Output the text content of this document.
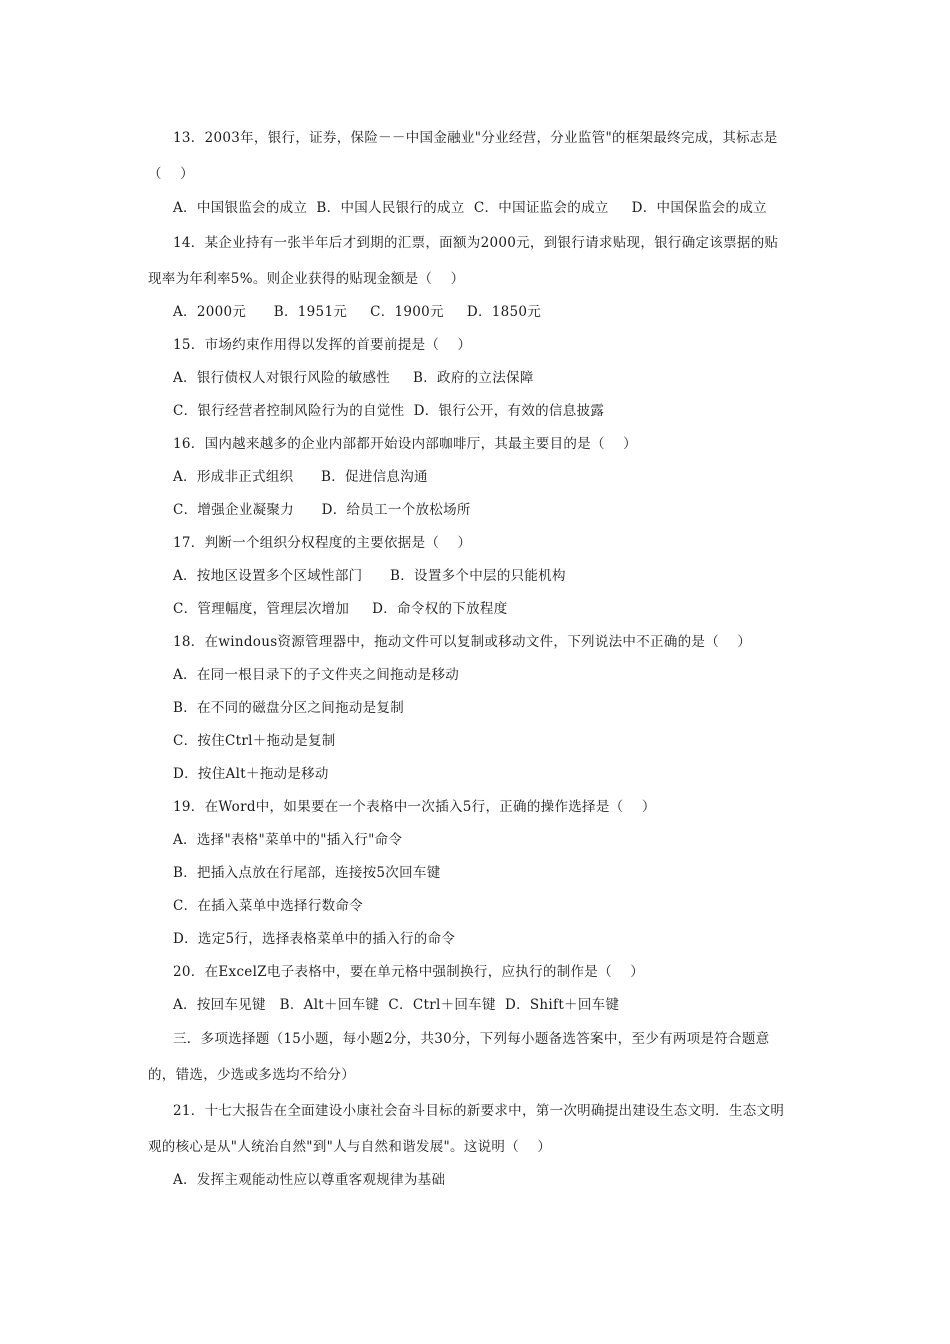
13．2003年，银行，证券，保险－－中国金融业"分业经营，分业监管"的框架最终完成，其标志是
（    ）
A．中国银监会的成立  B．中国人民银行的成立  C．中国证监会的成立     D．中国保监会的成立
14．某企业持有一张半年后才到期的汇票，面额为2000元，到银行请求贴现，银行确定该票据的贴
现率为年利率5%。则企业获得的贴现金额是（    ）
A．2000元      B．1951元     C．1900元     D．1850元
15．市场约束作用得以发挥的首要前提是（    ）
A．银行债权人对银行风险的敏感性     B．政府的立法保障
C．银行经营者控制风险行为的自觉性  D．银行公开，有效的信息披露
16．国内越来越多的企业内部都开始设内部咖啡厅，其最主要目的是（    ）
A．形成非正式组织      B．促进信息沟通
C．增强企业凝聚力      D．给员工一个放松场所
17．判断一个组织分权程度的主要依据是（    ）
A．按地区设置多个区域性部门      B．设置多个中层的只能机构
C．管理幅度，管理层次增加     D．命令权的下放程度
18．在windous资源管理器中，拖动文件可以复制或移动文件，下列说法中不正确的是（    ）
A．在同一根目录下的子文件夹之间拖动是移动
B．在不同的磁盘分区之间拖动是复制
C．按住Ctrl＋拖动是复制
D．按住Alt＋拖动是移动
19．在Word中，如果要在一个表格中一次插入5行，正确的操作选择是（    ）
A．选择"表格"菜单中的"插入行"命令
B．把插入点放在行尾部，连接按5次回车键
C．在插入菜单中选择行数命令
D．选定5行，选择表格菜单中的插入行的命令
20．在ExcelZ电子表格中，要在单元格中强制换行，应执行的制作是（    ）
A．按回车见键   B．Alt＋回车键  C．Ctrl＋回车键  D．Shift＋回车键
三．多项选择题（15小题，每小题2分，共30分，下列每小题备选答案中，至少有两项是符合题意
的，错选，少选或多选均不给分）
21．十七大报告在全面建设小康社会奋斗目标的新要求中，第一次明确提出建设生态文明．生态文明
观的核心是从"人统治自然"到"人与自然和谐发展"。这说明（    ）
A．发挥主观能动性应以尊重客观规律为基础
